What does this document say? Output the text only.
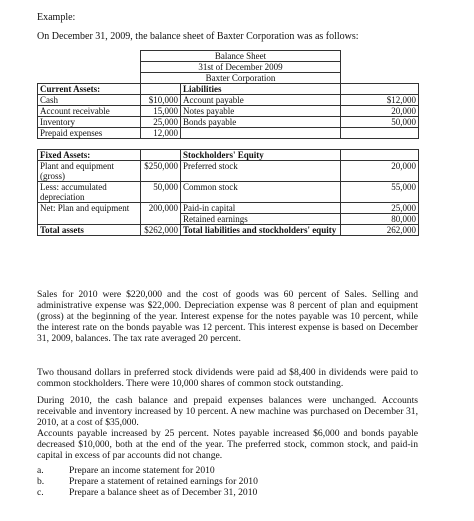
Example:
On December 31, 2009, the balance sheet of Baxter Corporation was as follows:
	Balance Sheet		
	31st of December 2009		
	Baxter Corporation		
Current Assets:		Liabilities	
Cash	$10,000	Account payable	$12,000
Account receivable	15,000	Notes payable	20,000
Inventory	25,000	Bonds payable	50,000
Prepaid expenses	12,000		

Fixed Assets:		Stockholders' Equity	
Plant and equipment (gross)	$250,000	Preferred stock	20,000
Less: accumulated depreciation	50,000	Common stock	55,000
Net: Plan and equipment	200,000	Paid-in capital	25,000
		Retained earnings	80,000
Total assets	$262,000	Total liabilities and stockholders' equity	262,000

Sales for 2010 were $220,000 and the cost of goods was 60 percent of Sales. Selling and administrative expense was $22,000. Depreciation expense was 8 percent of plan and equipment (gross) at the beginning of the year. Interest expense for the notes payable was 10 percent, while the interest rate on the bonds payable was 12 percent. This interest expense is based on December 31, 2009, balances. The tax rate averaged 20 percent.

Two thousand dollars in preferred stock dividends were paid ad $8,400 in dividends were paid to common stockholders. There were 10,000 shares of common stock outstanding.

During 2010, the cash balance and prepaid expenses balances were unchanged. Accounts receivable and inventory increased by 10 percent. A new machine was purchased on December 31, 2010, at a cost of $35,000.

Accounts payable increased by 25 percent. Notes payable increased $6,000 and bonds payable decreased $10,000, both at the end of the year. The preferred stock, common stock, and paid-in capital in excess of par accounts did not change.

a.	Prepare an income statement for 2010
b.	Prepare a statement of retained earnings for 2010
c.	Prepare a balance sheet as of December 31, 2010
